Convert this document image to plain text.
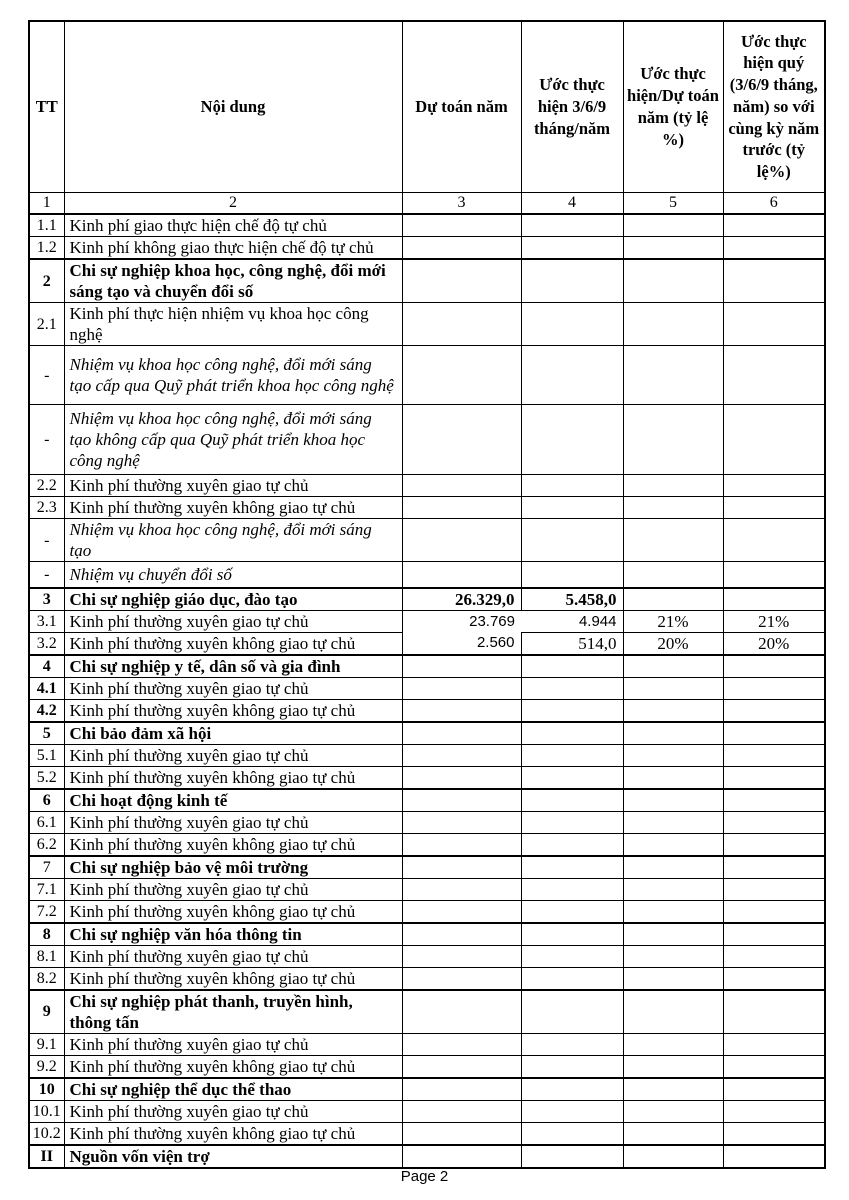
TT	Nội dung	Dự toán năm	Ước thực hiện 3/6/9 tháng/năm	Ước thực hiện/Dự toán năm (tỷ lệ %)	Ước thực hiện quý (3/6/9 tháng, năm) so với cùng kỳ năm trước (tỷ lệ%)
1	2	3	4	5	6
1.1	Kinh phí giao thực hiện chế độ tự chủ				
1.2	Kinh phí không giao thực hiện chế độ tự chủ				
2	Chi sự nghiệp khoa học, công nghệ, đổi mới sáng tạo và chuyển đổi số				
2.1	Kinh phí thực hiện nhiệm vụ khoa học công nghệ				
-	Nhiệm vụ khoa học công nghệ, đổi mới sáng tạo cấp qua Quỹ phát triển khoa học công nghệ				
-	Nhiệm vụ khoa học công nghệ, đổi mới sáng tạo không cấp qua Quỹ phát triển khoa học công nghệ				
2.2	Kinh phí thường xuyên giao tự chủ				
2.3	Kinh phí thường xuyên không giao tự chủ				
-	Nhiệm vụ khoa học công nghệ, đổi mới sáng tạo				
-	Nhiệm vụ chuyển đổi số				
3	Chi sự nghiệp giáo dục, đào tạo	26.329,0	5.458,0		
3.1	Kinh phí thường xuyên giao tự chủ	23.769	4.944	21%	21%
3.2	Kinh phí thường xuyên không giao tự chủ	2.560	514,0	20%	20%
4	Chi sự nghiệp y tế, dân số và gia đình				
4.1	Kinh phí thường xuyên giao tự chủ				
4.2	Kinh phí thường xuyên không giao tự chủ				
5	Chi bảo đảm xã hội				
5.1	Kinh phí thường xuyên giao tự chủ				
5.2	Kinh phí thường xuyên không giao tự chủ				
6	Chi hoạt động kinh tế				
6.1	Kinh phí thường xuyên giao tự chủ				
6.2	Kinh phí thường xuyên không giao tự chủ				
7	Chi sự nghiệp bảo vệ môi trường				
7.1	Kinh phí thường xuyên giao tự chủ				
7.2	Kinh phí thường xuyên không giao tự chủ				
8	Chi sự nghiệp văn hóa thông tin				
8.1	Kinh phí thường xuyên giao tự chủ				
8.2	Kinh phí thường xuyên không giao tự chủ				
9	Chi sự nghiệp phát thanh, truyền hình, thông tấn				
9.1	Kinh phí thường xuyên giao tự chủ				
9.2	Kinh phí thường xuyên không giao tự chủ				
10	Chi sự nghiệp thể dục thể thao				
10.1	Kinh phí thường xuyên giao tự chủ				
10.2	Kinh phí thường xuyên không giao tự chủ				
II	Nguồn vốn viện trợ				
Page 2
